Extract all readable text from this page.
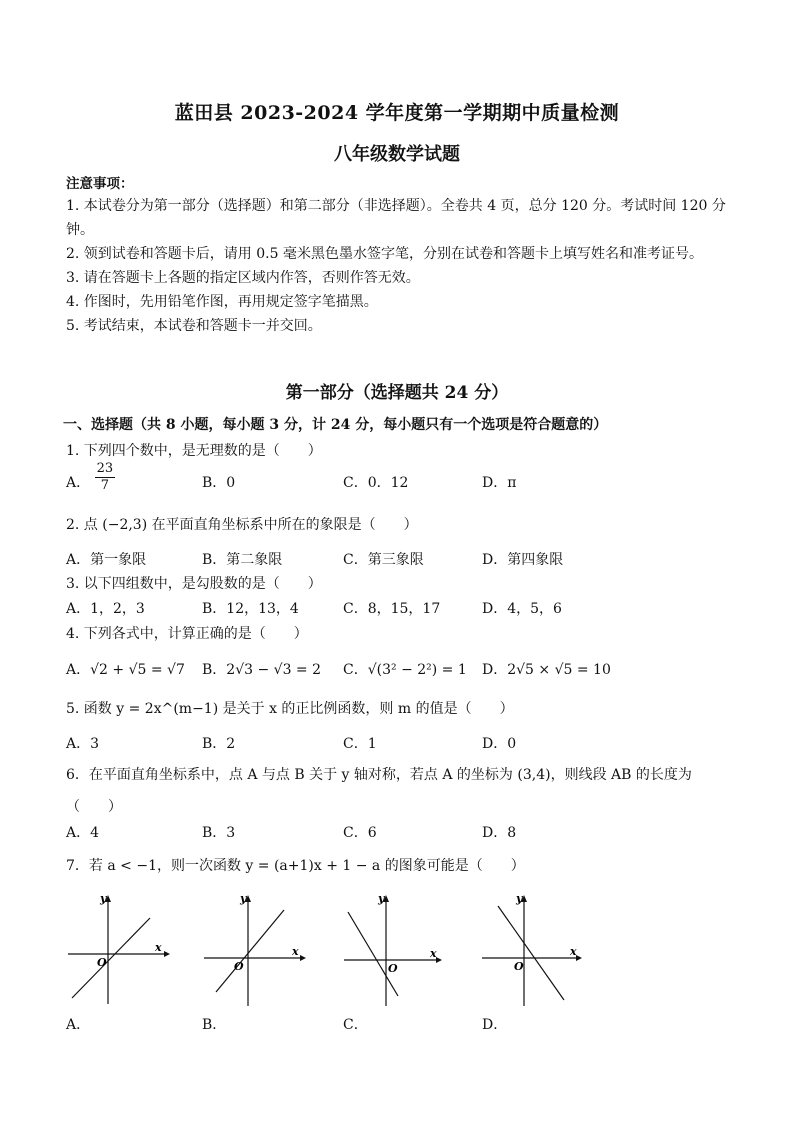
蓝田县 2023-2024 学年度第一学期期中质量检测
八年级数学试题

注意事项：

1. 本试卷分为第一部分（选择题）和第二部分（非选择题）。全卷共 4 页，总分 120 分。考试时间 120 分钟。

2. 领到试卷和答题卡后，请用 0.5 毫米黑色墨水签字笔，分别在试卷和答题卡上填写姓名和准考证号。

3. 请在答题卡上各题的指定区域内作答，否则作答无效。

4. 作图时，先用铅笔作图，再用规定签字笔描黑。

5. 考试结束，本试卷和答题卡一并交回。

第一部分（选择题共 24 分）
一、选择题（共 8 小题，每小题 3 分，计 24 分，每小题只有一个选项是符合题意的）
1. 下列四个数中，是无理数的是（　　）
A． $\frac{23}{7}$	B．0	C．0．12	D．π
2. 点 (−2,3) 在平面直角坐标系中所在的象限是（　　）
A．第一象限	B．第二象限	C．第三象限	D．第四象限
3. 以下四组数中，是勾股数的是（　　）
A．1，2，3	B．12，13，4	C．8，15，17	D．4，5，6
4. 下列各式中，计算正确的是（　　）
A．√2 + √5 = √7 B．2√3 − √3 = 2 C．√(3² − 2²) = 1 D．2√5 × √5 = 10
5. 函数 y = 2x^(m−1) 是关于 x 的正比例函数，则 m 的值是（　　）
A．3	B．2	C．1	D．0
6．在平面直角坐标系中，点 A 与点 B 关于 y 轴对称，若点 A 的坐标为 (3,4)，则线段 AB 的长度为
（　　）
A．4	B．3	C．6	D．8
7．若 a < −1，则一次函数 y = (a+1)x + 1 − a 的图象可能是（　　）
y
x
O
y
x
O
y
x
O
y
x
O
A．	B．	C．	D．
